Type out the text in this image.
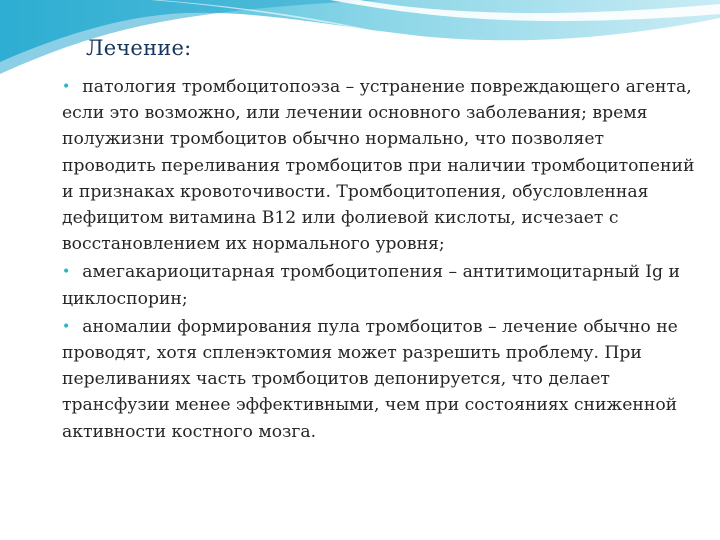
Лечение:

• патология тромбоцитопоэза – устранение повреждающего агента, если это возможно, или лечении основного заболевания; время полужизни тромбоцитов обычно нормально, что позволяет проводить переливания тромбоцитов при наличии тромбоцитопений и признаках кровоточивости. Тромбоцитопения, обусловленная дефицитом витамина В12 или фолиевой кислоты, исчезает с восстановлением их нормального уровня;

• амегакариоцитарная тромбоцитопения – антитимоцитарный Ig и циклоспорин;

• аномалии формирования пула тромбоцитов – лечение обычно не проводят, хотя спленэктомия может разрешить проблему. При переливаниях часть тромбоцитов депонируется, что делает трансфузии менее эффективными, чем при состояниях сниженной активности костного мозга.
